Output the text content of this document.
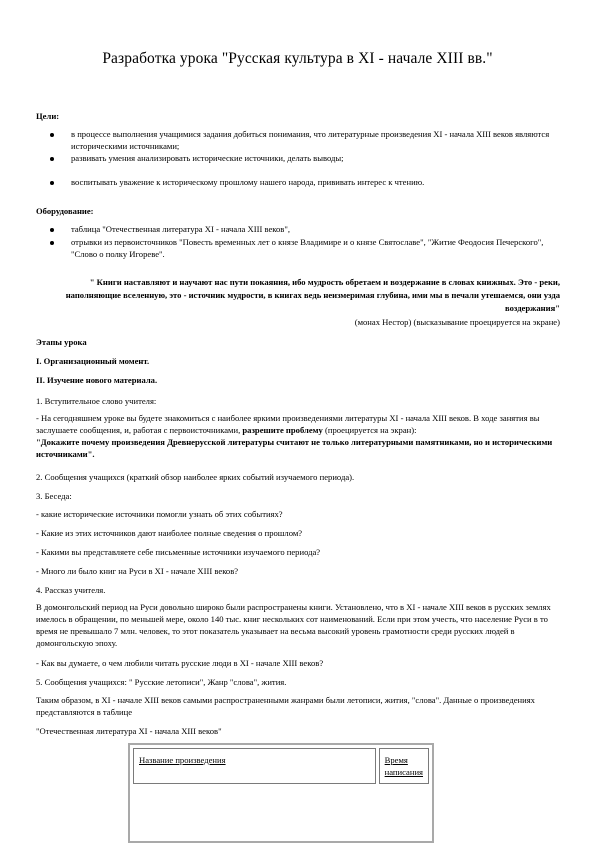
Разработка урока "Русская культура в XI - начале XIII вв."
Цели:
в процессе выполнения учащимися задания добиться понимания, что литературные произведения XI - начала XIII веков являются историческими источниками;
развивать умения анализировать исторические источники, делать выводы;
воспитывать уважение к историческому прошлому нашего народа, прививать интерес к чтению.
Оборудование:
таблица "Отечественная литература XI - начала XIII веков",
отрывки из первоисточников "Повесть временных лет о князе Владимире и о князе Святославе", "Житие Феодосия Печерского", "Слово о полку Игореве".
" Книги наставляют и научают нас пути покаяния, ибо мудрость обретаем и воздержание в словах книжных. Это - реки, наполняющие вселенную, это - источник мудрости, в книгах ведь неизмеримая глубина, ими мы в печали утешаемся, они узда воздержания"
(монах Нестор) (высказывание проецируется на экране)
Этапы урока
I. Организационный момент.
II. Изучение нового материала.
1. Вступительное слово учителя:
- На сегодняшнем уроке вы будете знакомиться с наиболее яркими произведениями литературы XI - начала XIII веков. В ходе занятия вы заслушаете сообщения, и, работая с первоисточниками, разрешите проблему (проецируется на экран):
"Докажите почему произведения Древнерусской литературы считают не только литературными памятниками, но и историческими источниками".
2. Сообщения учащихся (краткий обзор наиболее ярких событий изучаемого периода).
3. Беседа:
- какие исторические источники помогли узнать об этих событиях?
- Какие из этих источников дают наиболее полные сведения о прошлом?
- Какими вы представляете себе письменные источники изучаемого периода?
- Много ли было книг на Руси в XI - начале XIII веков?
4. Рассказ учителя.
В домонгольский период на Руси довольно широко были распространены книги. Установлено, что в XI - начале XIII веков в русских землях имелось в обращении, по меньшей мере, около 140 тыс. книг нескольких сот наименований. Если при этом учесть, что население Руси в то время не превышало 7 млн. человек, то этот показатель указывает на весьма высокий уровень грамотности среди русских людей в домонгольскую эпоху.
- Как вы думаете, о чем любили читать русские люди в XI - начале XIII веков?
5. Сообщения учащихся: " Русские летописи", Жанр "слова", жития.
Таким образом, в XI - начале XIII веков самыми распространенными жанрами были летописи, жития, "слова". Данные о произведениях представляются в таблице
"Отечественная литература XI - начала XIII веков"
Название произведения	Время написания
